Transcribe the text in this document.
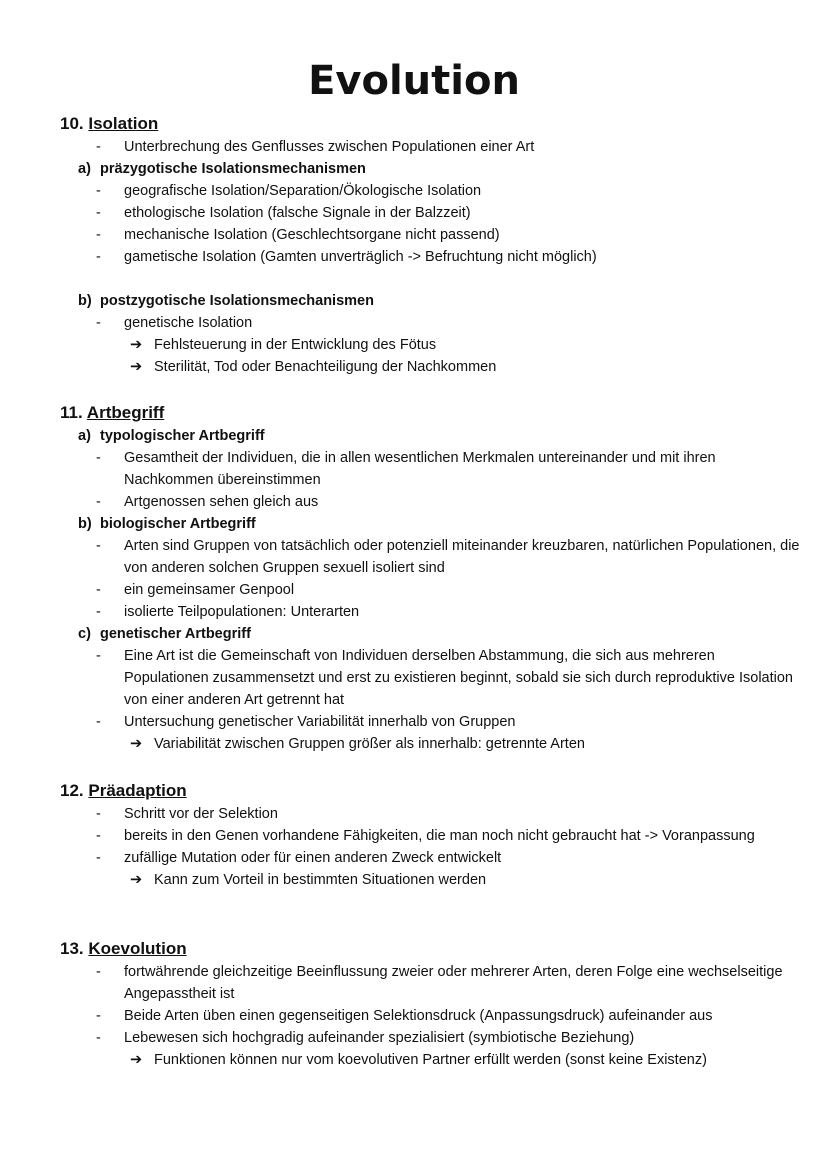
Evolution
10. Isolation
-	Unterbrechung des Genflusses zwischen Populationen einer Art
a) präzygotische Isolationsmechanismen
-	geografische Isolation/Separation/Ökologische Isolation
-	ethologische Isolation (falsche Signale in der Balzzeit)
-	mechanische Isolation (Geschlechtsorgane nicht passend)
-	gametische Isolation (Gamten unverträglich -> Befruchtung nicht möglich)
b) postzygotische Isolationsmechanismen
-	genetische Isolation
➔ Fehlsteuerung in der Entwicklung des Fötus
➔ Sterilität, Tod oder Benachteiligung der Nachkommen
11. Artbegriff
a) typologischer Artbegriff
-	Gesamtheit der Individuen, die in allen wesentlichen Merkmalen untereinander und mit ihren Nachkommen übereinstimmen
-	Artgenossen sehen gleich aus
b) biologischer Artbegriff
-	Arten sind Gruppen von tatsächlich oder potenziell miteinander kreuzbaren, natürlichen Populationen, die von anderen solchen Gruppen sexuell isoliert sind
-	ein gemeinsamer Genpool
-	isolierte Teilpopulationen: Unterarten
c) genetischer Artbegriff
-	Eine Art ist die Gemeinschaft von Individuen derselben Abstammung, die sich aus mehreren Populationen zusammensetzt und erst zu existieren beginnt, sobald sie sich durch reproduktive Isolation von einer anderen Art getrennt hat
-	Untersuchung genetischer Variabilität innerhalb von Gruppen
➔ Variabilität zwischen Gruppen größer als innerhalb: getrennte Arten
12. Präadaption
-	Schritt vor der Selektion
-	bereits in den Genen vorhandene Fähigkeiten, die man noch nicht gebraucht hat -> Voranpassung
-	zufällige Mutation oder für einen anderen Zweck entwickelt
➔ Kann zum Vorteil in bestimmten Situationen werden
13. Koevolution
-	fortwährende gleichzeitige Beeinflussung zweier oder mehrerer Arten, deren Folge eine wechselseitige Angepasstheit ist
-	Beide Arten üben einen gegenseitigen Selektionsdruck (Anpassungsdruck) aufeinander aus
-	Lebewesen sich hochgradig aufeinander spezialisiert (symbiotische Beziehung)
➔ Funktionen können nur vom koevolutiven Partner erfüllt werden (sonst keine Existenz)
